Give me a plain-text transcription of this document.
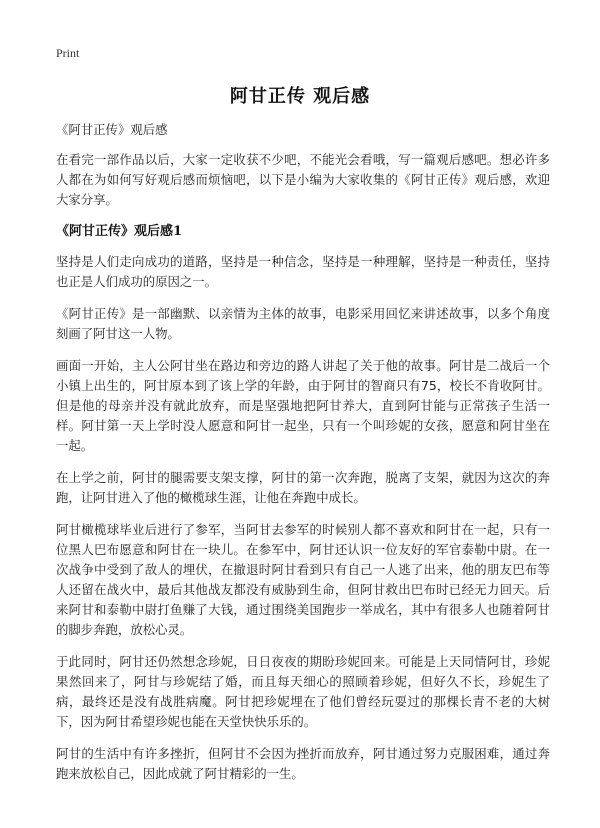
Print
阿甘正传 观后感

《阿甘正传》观后感

在看完一部作品以后，大家一定收获不少吧，不能光会看哦，写一篇观后感吧。想必许多人都在为如何写好观后感而烦恼吧，以下是小编为大家收集的《阿甘正传》观后感，欢迎大家分享。

《阿甘正传》观后感1

坚持是人们走向成功的道路，坚持是一种信念，坚持是一种理解，坚持是一种责任，坚持也正是人们成功的原因之一。

《阿甘正传》是一部幽默、以亲情为主体的故事，电影采用回忆来讲述故事，以多个角度刻画了阿甘这一人物。

画面一开始，主人公阿甘坐在路边和旁边的路人讲起了关于他的故事。阿甘是二战后一个小镇上出生的，阿甘原本到了该上学的年龄，由于阿甘的智商只有75，校长不肯收阿甘。但是他的母亲并没有就此放弃，而是坚强地把阿甘养大，直到阿甘能与正常孩子生活一样。阿甘第一天上学时没人愿意和阿甘一起坐，只有一个叫珍妮的女孩，愿意和阿甘坐在一起。

在上学之前，阿甘的腿需要支架支撑，阿甘的第一次奔跑，脱离了支架，就因为这次的奔跑，让阿甘进入了他的橄榄球生涯，让他在奔跑中成长。

阿甘橄榄球毕业后进行了参军，当阿甘去参军的时候别人都不喜欢和阿甘在一起，只有一位黑人巴布愿意和阿甘在一块儿。在参军中，阿甘还认识一位友好的军官泰勒中尉。在一次战争中受到了敌人的埋伏，在撤退时阿甘看到只有自己一人逃了出来，他的朋友巴布等人还留在战火中，最后其他战友都没有威胁到生命，但阿甘救出巴布时已经无力回天。后来阿甘和泰勒中尉打鱼赚了大钱，通过围绕美国跑步一举成名，其中有很多人也随着阿甘的脚步奔跑，放松心灵。

于此同时，阿甘还仍然想念珍妮，日日夜夜的期盼珍妮回来。可能是上天同情阿甘，珍妮果然回来了，阿甘与珍妮结了婚，而且每天细心的照顾着珍妮，但好久不长，珍妮生了病，最终还是没有战胜病魔。阿甘把珍妮埋在了他们曾经玩耍过的那棵长青不老的大树下，因为阿甘希望珍妮也能在天堂快快乐乐的。

阿甘的生活中有许多挫折，但阿甘不会因为挫折而放弃，阿甘通过努力克服困难，通过奔跑来放松自己，因此成就了阿甘精彩的一生。
